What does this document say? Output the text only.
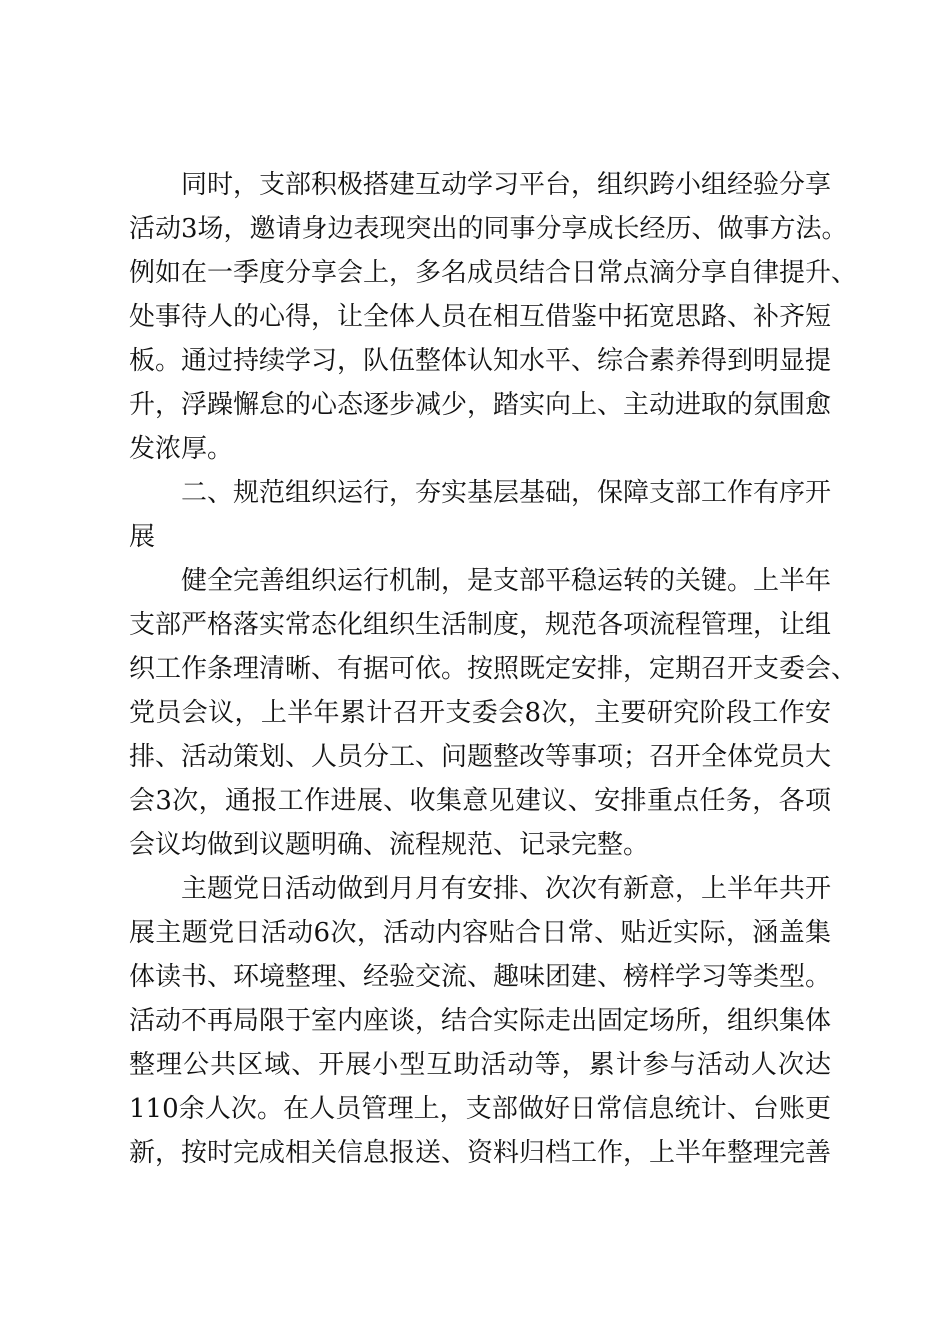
同时，支部积极搭建互动学习平台，组织跨小组经验分享
活动3场，邀请身边表现突出的同事分享成长经历、做事方法。
例如在一季度分享会上，多名成员结合日常点滴分享自律提升、
处事待人的心得，让全体人员在相互借鉴中拓宽思路、补齐短
板。通过持续学习，队伍整体认知水平、综合素养得到明显提
升，浮躁懈怠的心态逐步减少，踏实向上、主动进取的氛围愈
发浓厚。
二、规范组织运行，夯实基层基础，保障支部工作有序开
展
健全完善组织运行机制，是支部平稳运转的关键。上半年
支部严格落实常态化组织生活制度，规范各项流程管理，让组
织工作条理清晰、有据可依。按照既定安排，定期召开支委会、
党员会议，上半年累计召开支委会8次，主要研究阶段工作安
排、活动策划、人员分工、问题整改等事项；召开全体党员大
会3次，通报工作进展、收集意见建议、安排重点任务，各项
会议均做到议题明确、流程规范、记录完整。
主题党日活动做到月月有安排、次次有新意，上半年共开
展主题党日活动6次，活动内容贴合日常、贴近实际，涵盖集
体读书、环境整理、经验交流、趣味团建、榜样学习等类型。
活动不再局限于室内座谈，结合实际走出固定场所，组织集体
整理公共区域、开展小型互助活动等，累计参与活动人次达
110余人次。在人员管理上，支部做好日常信息统计、台账更
新，按时完成相关信息报送、资料归档工作，上半年整理完善
